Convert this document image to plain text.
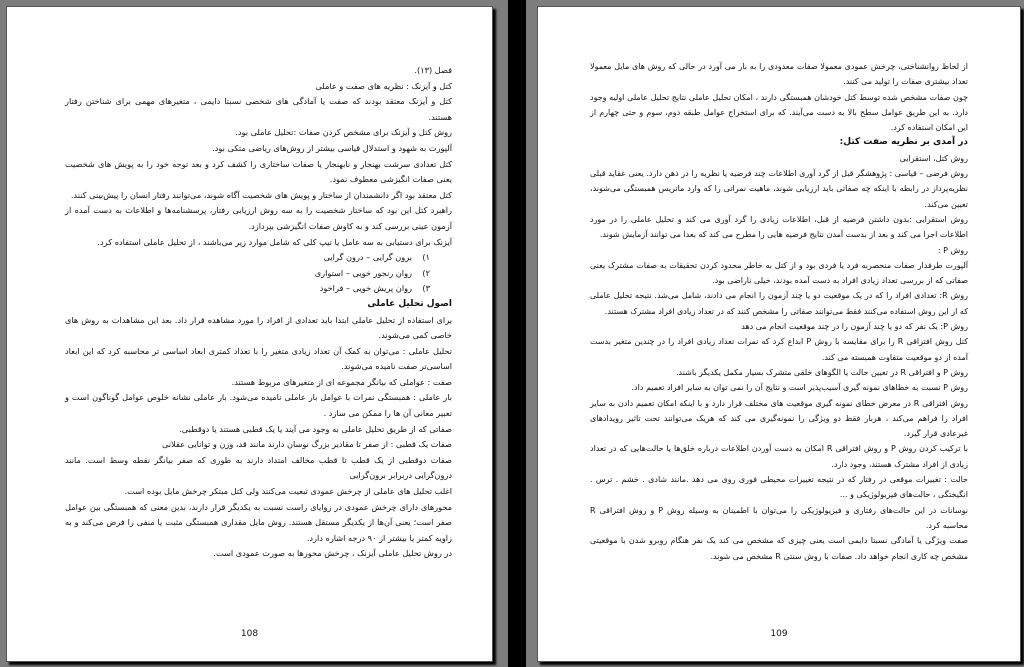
فصل (۱۳).

کتل و آیزنک : نظریه های صفت و عاملی

کتل و آیزنک معتقد بودند که صفت یا آمادگی های شخصی نسبتا دایمی ، متغیرهای مهمی برای شناختن رفتار هستند.

روش کتل و آیزنک برای مشخص کردن صفات :تحلیل عاملی بود.

آلپورت به شهود و استدلال قیاسی بیشتر از روش‌های ریاضی متکی بود.

کتل تعدادی سرشت بهنجار و نابهنجار یا صفات ساختاری را کشف کرد و بعد توجه خود را به پویش های شخصیت یعنی صفات انگیزشی معطوف نمود.

کتل معتقد بود اگر دانشمندان از ساختار و پویش های شخصیت آگاه شوند، می‌توانند رفتار انسان را پیش‌بینی کنند.

راهبرد کتل این بود که ساختار شخصیت را به سه روش ارزیابی رفتار، پرسشنامه‌ها و اطلاعات به دست آمده از آزمون عینی بررسی کند و به کاوش صفات انگیزشی بپردازد.

آیزنک برای دستیابی به سه عامل یا تیپ کلی که شامل موارد زیر می‌باشند ، از تحلیل عاملی استفاده کرد.

۱)برون گرایی – درون گرایی

۲)روان رنجور خویی – استواری

۳)روان پریش خویی – فراخود

اصول تحلیل عاملی

برای استفاده از تحلیل عاملی ابتدا باید تعدادی از افراد را مورد مشاهده قرار داد. بعد این مشاهدات به روش های خاصی کمی می‌شوند.

تحلیل عاملی : می‌توان به کمک آن تعداد زیادی متغیر را با تعداد کمتری ابعاد اساسی تر محاسبه کرد که این ابعاد اساسی‌تر صفت نامیده می‌شوند.

صفت : عواملی که بیانگر مجموعه ای از متغیرهای مربوط هستند.

بار عاملی : همبستگی نمرات با عوامل بار عاملی نامیده می‌شود. بار عاملی نشانه خلوص عوامل گوناگون است و تعبیر معانی آن ها را ممکن می سازد .

صفاتی که از طریق تحلیل عاملی به وجود می آیند یا یک قطبی هستند یا دوقطبی.

صفات یک قطبی : از صفر تا مقادیر بزرگ نوسان دارند مانند قد، وزن و توانایی عقلانی

صفات دوقطبی از یک قطب تا قطب مخالف امتداد دارند به طوری که صفر بیانگر نقطه وسط است. مانند درون‌گرایی دربرابر برون‌گرایی

اغلب تحلیل های عاملی از چرخش عمودی تبعیت می‌کنند ولی کتل مبتکر چرخش مایل بوده است.

محورهای دارای چرخش عمودی در زوایای راست نسبت به یکدیگر قرار دارند، بدین معنی که همبستگی بین عوامل صفر است؛ یعنی آن‌ها از یکدیگر مستقل هستند. روش مایل مقداری همبستگی مثبت یا منفی را فرض می‌کند و به زاویه کمتر یا بیشتر از ۹۰ درجه اشاره دارد.

در روش تحلیل عاملی آیزنک ، چرخش محورها به صورت عمودی است.

108

از لحاظ روانشناختی، چرخش عمودی معمولا صفات معدودی را به بار می آورد در حالی که روش های مایل معمولا تعداد بیشتری صفات را تولید می کنند.

چون صفات مشخص شده توسط کتل خودشان همبستگی دارند ، امکان تحلیل عاملی نتایج تحلیل عاملی اولیه وجود دارد. به این طریق عوامل سطح بالا به دست می‌آیند. که برای استخراج عوامل طبقه دوم، سوم و حتی چهارم از این امکان استفاده کرد.

در آمدی بر نظریه صفت کتل:

روش کتل، استقرایی

روش فرضی – قیاسی : پژوهشگر قبل از گرد آوری اطلاعات چند فرضیه یا نظریه را در ذهن دارد. یعنی عقاید قبلی نظریه‌پرداز در رابطه با اینکه چه صفاتی باید ارزیابی شوند، ماهیت نمراتی را که وارد ماتریس همبستگی می‌شوند، تعیین می‌کند.

روش استقرایی :بدون داشتن فرضیه از قبل، اطلاعات زیادی را گرد آوری می کند و تحلیل عاملی را در مورد اطلاعات اجرا می کند و بعد از بدست آمدن نتایج فرضیه هایی را مطرح می کند که بعدا می توانند آزمایش شوند.

روش P :

آلپورت طرفدار صفات منحصربه فرد یا فردی بود و از کتل به خاطر محدود کردن تحقیقات به صفات مشترک یعنی صفاتی که از بررسی تعداد زیادی افراد به دست آمده بودند، خیلی ناراضی بود.

روش R: تعدادی افراد را که در یک موقعیت دو یا چند آزمون را انجام می دادند، شامل می‌شد. نتیجه تحلیل عاملی که از این روش استفاده می‌کنند فقط می‌توانند صفاتی را مشخص کنند که در تعداد زیادی افراد مشترک هستند.

روش P: یک نفر که دو یا چند آزمون را در چند موقعیت انجام می دهد

کتل روش افتراقی R را برای مقایسه با روش P ابداع کرد که نمرات تعداد زیادی افراد را در چندین متغیر بدست آمده از دو موقعیت متفاوت همبسته می کند.

روش P و افتراقی R در تعیین حالت یا الگوهای خلقی متشرک بسیار مکمل یکدیگر باشند.

روش P نسبت به خطاهای نمونه گیری آسیب‌پذیر است و نتایج آن را نمی توان به سایر افراد تعمیم داد.

روش افتراقی R در معرض خطای نمونه گیری موقعیت های مختلف قرار دارد و با اینکه امکان تعمیم دادن به سایر افراد را فراهم می‌کند ، هربار فقط دو ویژگی را نمونه‌گیری می کند که هریک می‌توانند تحت تاثیر رویدادهای غیرعادی قرار گیرد.

با ترکیب کردن روش P و روش افتراقی R امکان به دست آوردن اطلاعات درباره خلق‌ها یا حالت‌هایی که در تعداد زیادی از افراد مشترک هستند، وجود دارد.

حالت : تغییرات موقعی در رفتار که در نتیجه تغییرات محیطی فوری روی می دهد .مانند شادی . خشم . ترس . انگیختگی ، حالت‌های فیزیولوژیکی و ...

نوسانات در این حالت‌های رفتاری و فیزیولوژیکی را می‌توان با اطمینان به وسیله روش P و روش افتراقی R محاسبه کرد.

صفت ویژگی یا آمادگی نسبتا دایمی است یعنی چیزی که مشخص می کند یک نفر هنگام روبرو شدن با موقعیتی مشخص چه کاری انجام خواهد داد. صفات با روش سنتی R مشخص می شوند.

109
